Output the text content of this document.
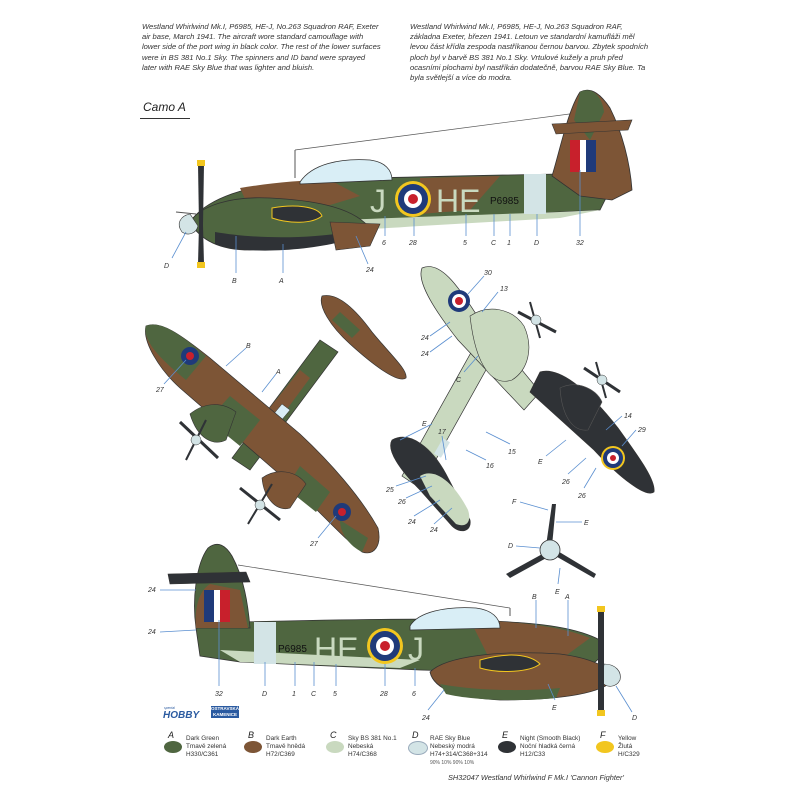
Westland Whirlwind Mk.I, P6985, HE-J, No.263 Squadron RAF, Exeter air base, March 1941. The aircraft wore standard camouflage with lower side of the port wing in black color. The rest of the lower surfaces were in BS 381 No.1 Sky. The spinners and ID band were sprayed later with RAE Sky Blue that was lighter and bluish.
Westland Whirlwind Mk.I, P6985, HE-J, No.263 Squadron RAF, základna Exeter, březen 1941. Letoun ve standardní kamufláži měl levou část křídla zespoda nastříkanou černou barvou. Zbytek spodních ploch byl v barvě BS 381 No.1 Sky. Vrtulové kužely a pruh před ocasními plochami byl nastříkán dodatečně, barvou RAE Sky Blue. Ta byla světlejší a více do modra.
Camo A
J HE P6985
D
B	A
24
6	28	5	C 1	D	32
B
A
27
27
30
13
24
24
C
14
29
E
26
26
E
17
16
15
25
26
24
24
F
E
D
E
HE J
P6985
B	A
24
24
32	D	1 C 5	28	6
24
E
D
special
HOBBY
OSTRAVSKÁ KAMENICE
A Dark Green
Tmavě zelená
H330/C361
B Dark Earth
Tmavě hnědá
H72/C369
C Sky BS 381 No.1
Nebeská
H74/C368
D RAE Sky Blue
Nebeský modrá
H74+314/C368+314
90% 10% 90% 10%
E Night (Smooth Black)
Noční hladká černá
H12/C33
F Yellow
Žlutá
H/C329
SH32047 Westland Whirlwind F Mk.I 'Cannon Fighter'
